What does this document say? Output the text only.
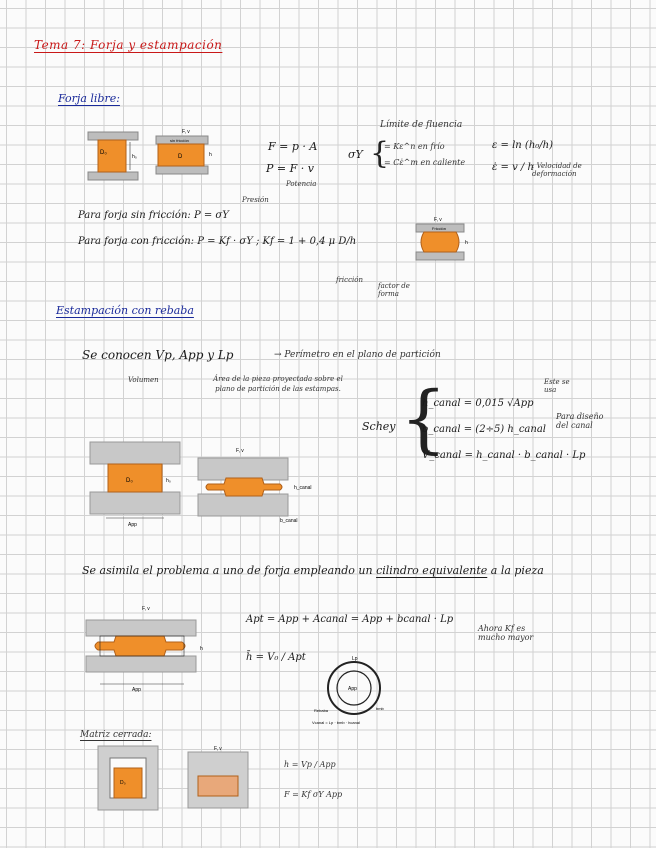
Tema 7: Forja y estampación
Forja libre:
D₀
h₀	D
F, v
sin fricción
h
Potencia
F = p · A
P = F · v
σY {
Límite de fluencia
= Kε^n en frío
= Cε̇^m en caliente
ε = ln (h₀/h)
ε̇ = v / h
: Velocidad de deformación
Presión
Para forja sin fricción: P = σY
Para forja con fricción: P = Kf · σY ; Kf = 1 + 0,4 μ D/h
fricción
factor de forma
F, v
Fricción
h
Estampación con rebaba
Se conocen Vp, App y Lp	→ Perímetro en el plano de partición
Volumen	Área de la pieza proyectada sobre el plano de partición de las estampas.
Schey {
h_canal = 0,015 √App
b_canal = (2÷5) h_canal
V_canal = h_canal · b_canal · Lp
Este se usa
Para diseño del canal
D₀	h₀
App
F, v
h_canal
b_canal
Se asimila el problema a uno de forja empleando un cilindro equivalente a la pieza
F, v
h
App
Apt = App + Acanal = App + bcanal · Lp
h̄ = V₀ / Apt
Ahora Kf es mucho mayor
App
Lp
Rebaba	bmb
Vcanal = Lp · bmb · hcanal
Matriz cerrada:
D₀
F, v
h = Vp / App
F = Kf σY App
